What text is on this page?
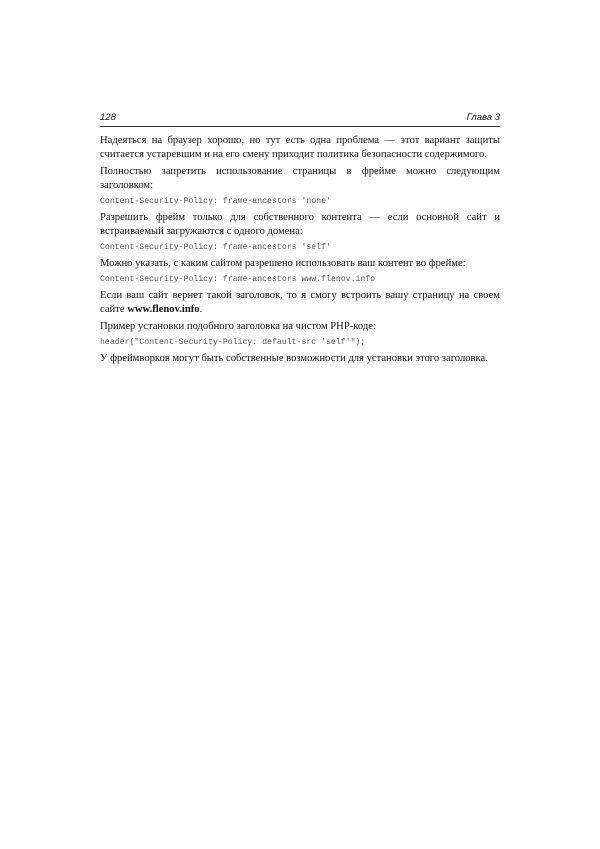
128	Глава 3

Надеяться на браузер хорошо, но тут есть одна проблема — этот вариант защиты считается устаревшим и на его смену приходит политика безопасности содержимого.

Полностью запретить использование страницы в фрейме можно следующим заголовком:

Content-Security-Policy: frame-ancestors 'none'

Разрешить фрейм только для собственного контента — если основной сайт и встраиваемый загружаются с одного домена:

Content-Security-Policy: frame-ancestors 'self'

Можно указать, с каким сайтом разрешено использовать ваш контент во фрейме:

Content-Security-Policy: frame-ancestors www.flenov.info

Если ваш сайт вернет такой заголовок, то я смогу встроить вашу страницу на своем сайте www.flenov.info.

Пример установки подобного заголовка на чистом PHP-коде:

header("Content-Security-Policy: default-src 'self'");

У фреймворков могут быть собственные возможности для установки этого заголовка.
